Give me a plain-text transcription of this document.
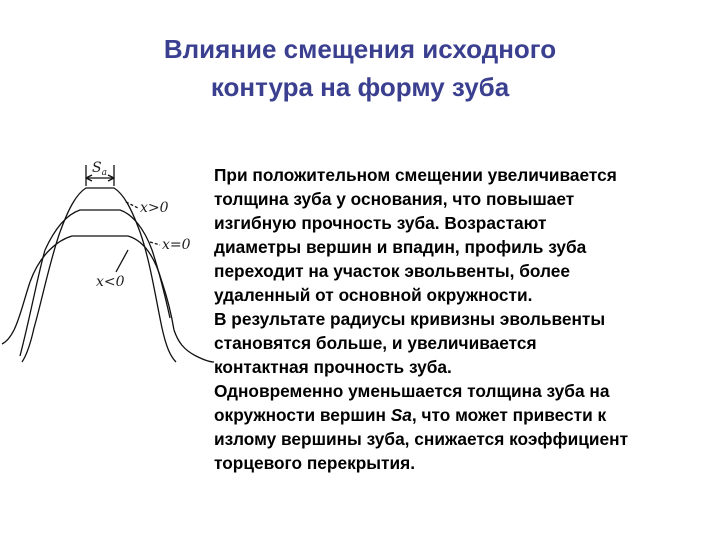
Влияние смещения исходного
контура на форму зуба
$S_a$
x>0
x=0
x<0
При положительном смещении увеличивается
толщина зуба у основания, что повышает
изгибную прочность зуба. Возрастают
диаметры вершин и впадин, профиль зуба
переходит на участок эвольвенты, более
удаленный от основной окружности.
В результате радиусы кривизны эвольвенты
становятся больше, и увеличивается
контактная прочность зуба.
Одновременно уменьшается толщина зуба на
окружности вершин Sa, что может привести к
излому вершины зуба, снижается коэффициент
торцевого перекрытия.
